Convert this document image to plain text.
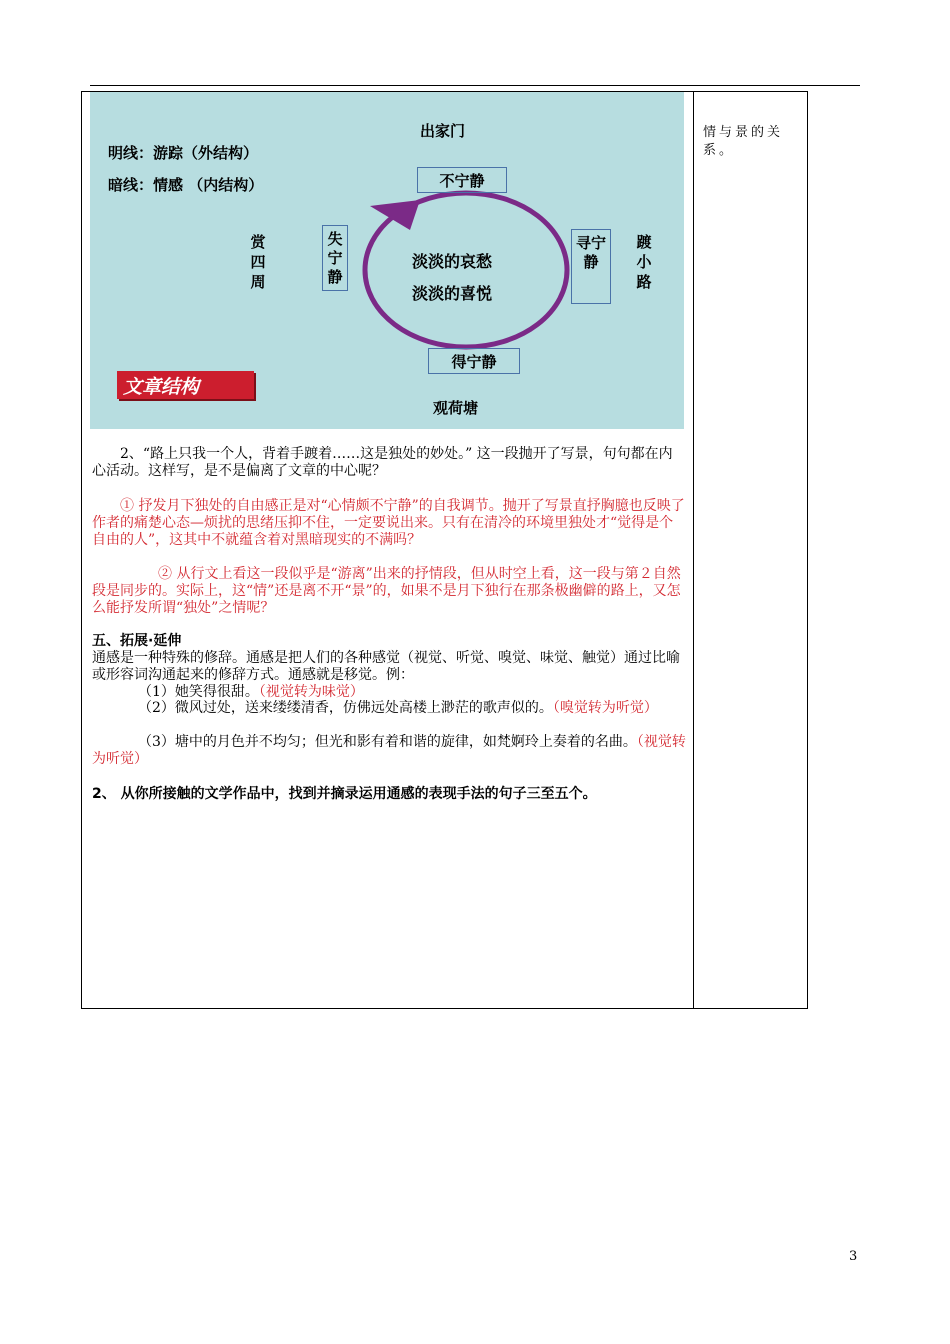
情与景的关系。
明线：游踪（外结构）
暗线：情感 （内结构）
出家门
不宁静
赏四周
失宁静
淡淡的哀愁
淡淡的喜悦
寻宁静
踱小路
得宁静
观荷塘
文章结构
2、“路上只我一个人，背着手踱着……这是独处的妙处。” 这一段抛开了写景，句句都在内心活动。这样写，是不是偏离了文章的中心呢？
① 抒发月下独处的自由感正是对“心情颇不宁静”的自我调节。抛开了写景直抒胸臆也反映了作者的痛楚心态—烦扰的思绪压抑不住，一定要说出来。只有在清冷的环境里独处才“觉得是个自由的人”，这其中不就蕴含着对黑暗现实的不满吗？
② 从行文上看这一段似乎是“游离”出来的抒情段，但从时空上看，这一段与第２自然段是同步的。实际上，这“情”还是离不开“景”的，如果不是月下独行在那条极幽僻的路上，又怎么能抒发所谓“独处”之情呢？
五、拓展·延伸
通感是一种特殊的修辞。通感是把人们的各种感觉（视觉、听觉、嗅觉、味觉、触觉）通过比喻或形容词沟通起来的修辞方式。通感就是移觉。例：
（1）她笑得很甜。（视觉转为味觉）
（2）微风过处，送来缕缕清香，仿佛远处高楼上渺茫的歌声似的。（嗅觉转为听觉）
（3）塘中的月色并不均匀；但光和影有着和谐的旋律，如梵婀玲上奏着的名曲。（视觉转为听觉）
2、 从你所接触的文学作品中，找到并摘录运用通感的表现手法的句子三至五个。
3
